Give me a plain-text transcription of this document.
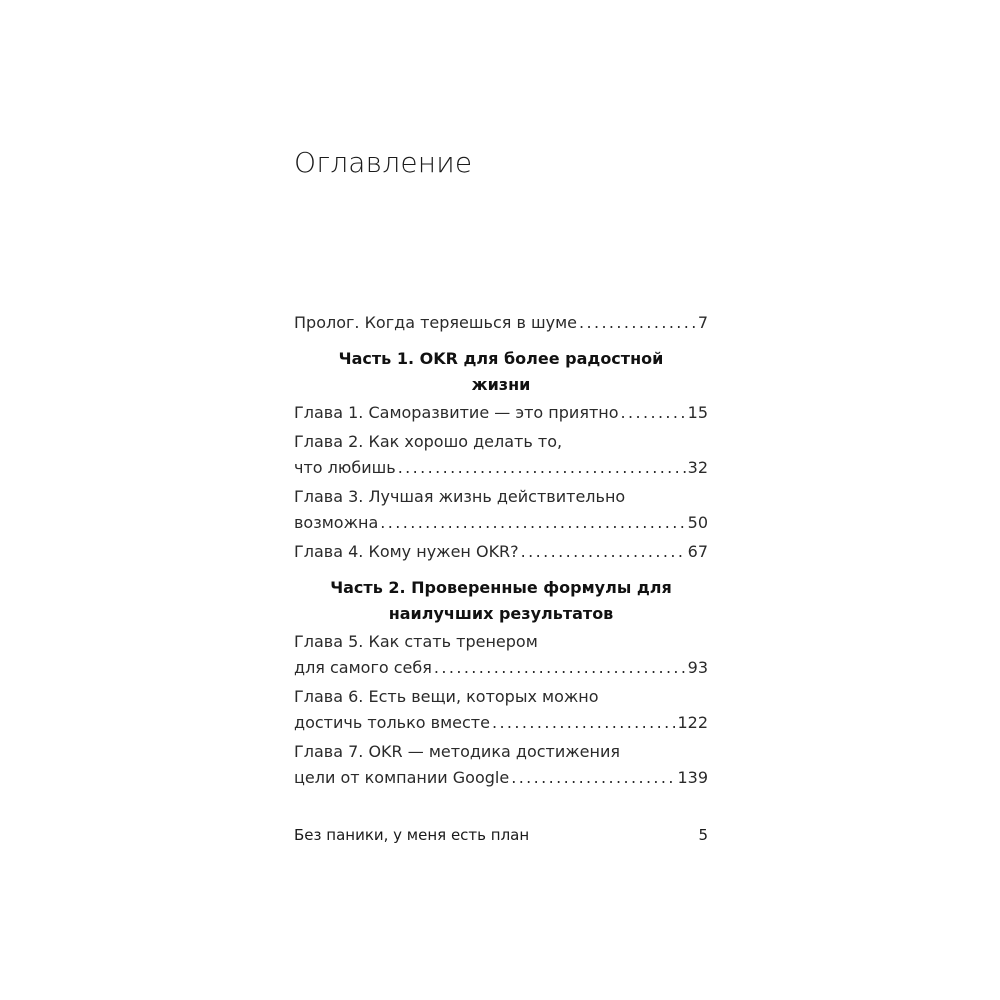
Оглавление
Пролог. Когда теряешься в шуме .....	7
Часть 1. OKR для более радостной
жизни
Глава 1. Саморазвитие — это приятно .....	15
Глава 2. Как хорошо делать то,
что любишь .....	32
Глава 3. Лучшая жизнь действительно
возможна .....	50
Глава 4. Кому нужен OKR? .....	67
Часть 2. Проверенные формулы для
наилучших результатов
Глава 5. Как стать тренером
для самого себя .....	93
Глава 6. Есть вещи, которых можно
достичь только вместе .....	122
Глава 7. OKR — методика достижения
цели от компании Google .....	139
Без паники, у меня есть план	5
